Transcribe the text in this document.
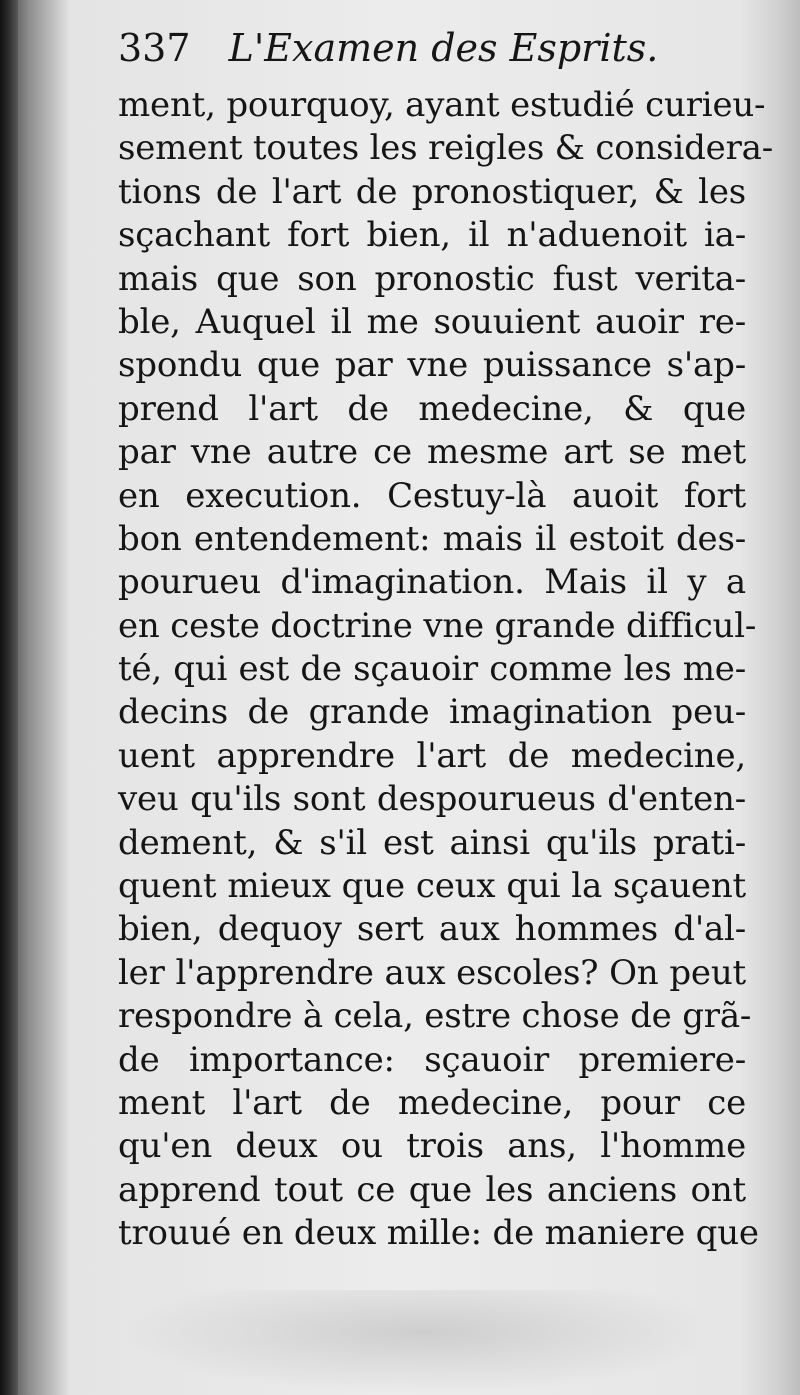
337 L'Examen des Esprits.
ment, pourquoy, ayant estudié curieu-
sement toutes les reigles & considera-
tions de l'art de pronostiquer, & les
sçachant fort bien, il n'aduenoit ia-
mais que son pronostic fust verita-
ble, Auquel il me souuient auoir re-
spondu que par vne puissance s'ap-
prend l'art de medecine, & que
par vne autre ce mesme art se met
en execution. Cestuy-là auoit fort
bon entendement: mais il estoit des-
pourueu d'imagination. Mais il y a
en ceste doctrine vne grande difficul-
té, qui est de sçauoir comme les me-
decins de grande imagination peu-
uent apprendre l'art de medecine,
veu qu'ils sont despourueus d'enten-
dement, & s'il est ainsi qu'ils prati-
quent mieux que ceux qui la sçauent
bien, dequoy sert aux hommes d'al-
ler l'apprendre aux escoles? On peut
respondre à cela, estre chose de grã-
de importance: sçauoir premiere-
ment l'art de medecine, pour ce
qu'en deux ou trois ans, l'homme
apprend tout ce que les anciens ont
trouué en deux mille: de maniere que
